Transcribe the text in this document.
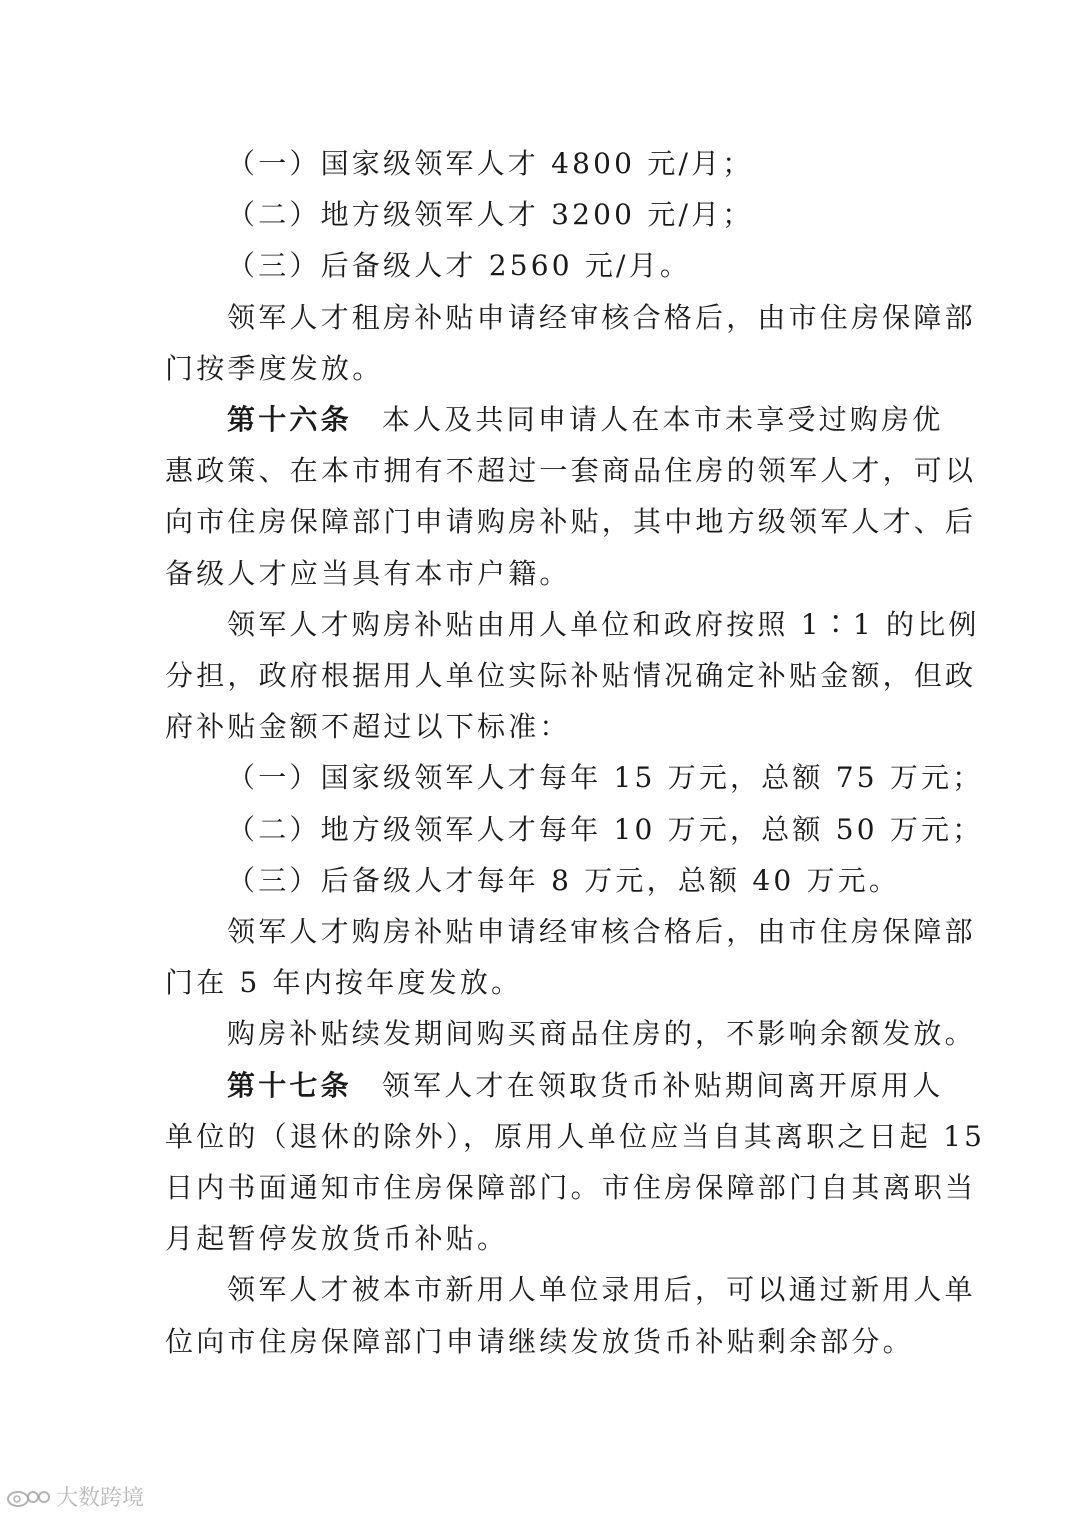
（一）国家级领军人才 4800 元/月；

（二）地方级领军人才 3200 元/月；

（三）后备级人才 2560 元/月。

领军人才租房补贴申请经审核合格后，由市住房保障部

门按季度发放。

第十六条 本人及共同申请人在本市未享受过购房优

惠政策、在本市拥有不超过一套商品住房的领军人才，可以

向市住房保障部门申请购房补贴，其中地方级领军人才、后

备级人才应当具有本市户籍。

领军人才购房补贴由用人单位和政府按照 1∶1 的比例

分担，政府根据用人单位实际补贴情况确定补贴金额，但政

府补贴金额不超过以下标准：

（一）国家级领军人才每年 15 万元，总额 75 万元；

（二）地方级领军人才每年 10 万元，总额 50 万元；

（三）后备级人才每年 8 万元，总额 40 万元。

领军人才购房补贴申请经审核合格后，由市住房保障部

门在 5 年内按年度发放。

购房补贴续发期间购买商品住房的，不影响余额发放。

第十七条 领军人才在领取货币补贴期间离开原用人

单位的（退休的除外），原用人单位应当自其离职之日起 15

日内书面通知市住房保障部门。市住房保障部门自其离职当

月起暂停发放货币补贴。

领军人才被本市新用人单位录用后，可以通过新用人单

位向市住房保障部门申请继续发放货币补贴剩余部分。

大数跨境
